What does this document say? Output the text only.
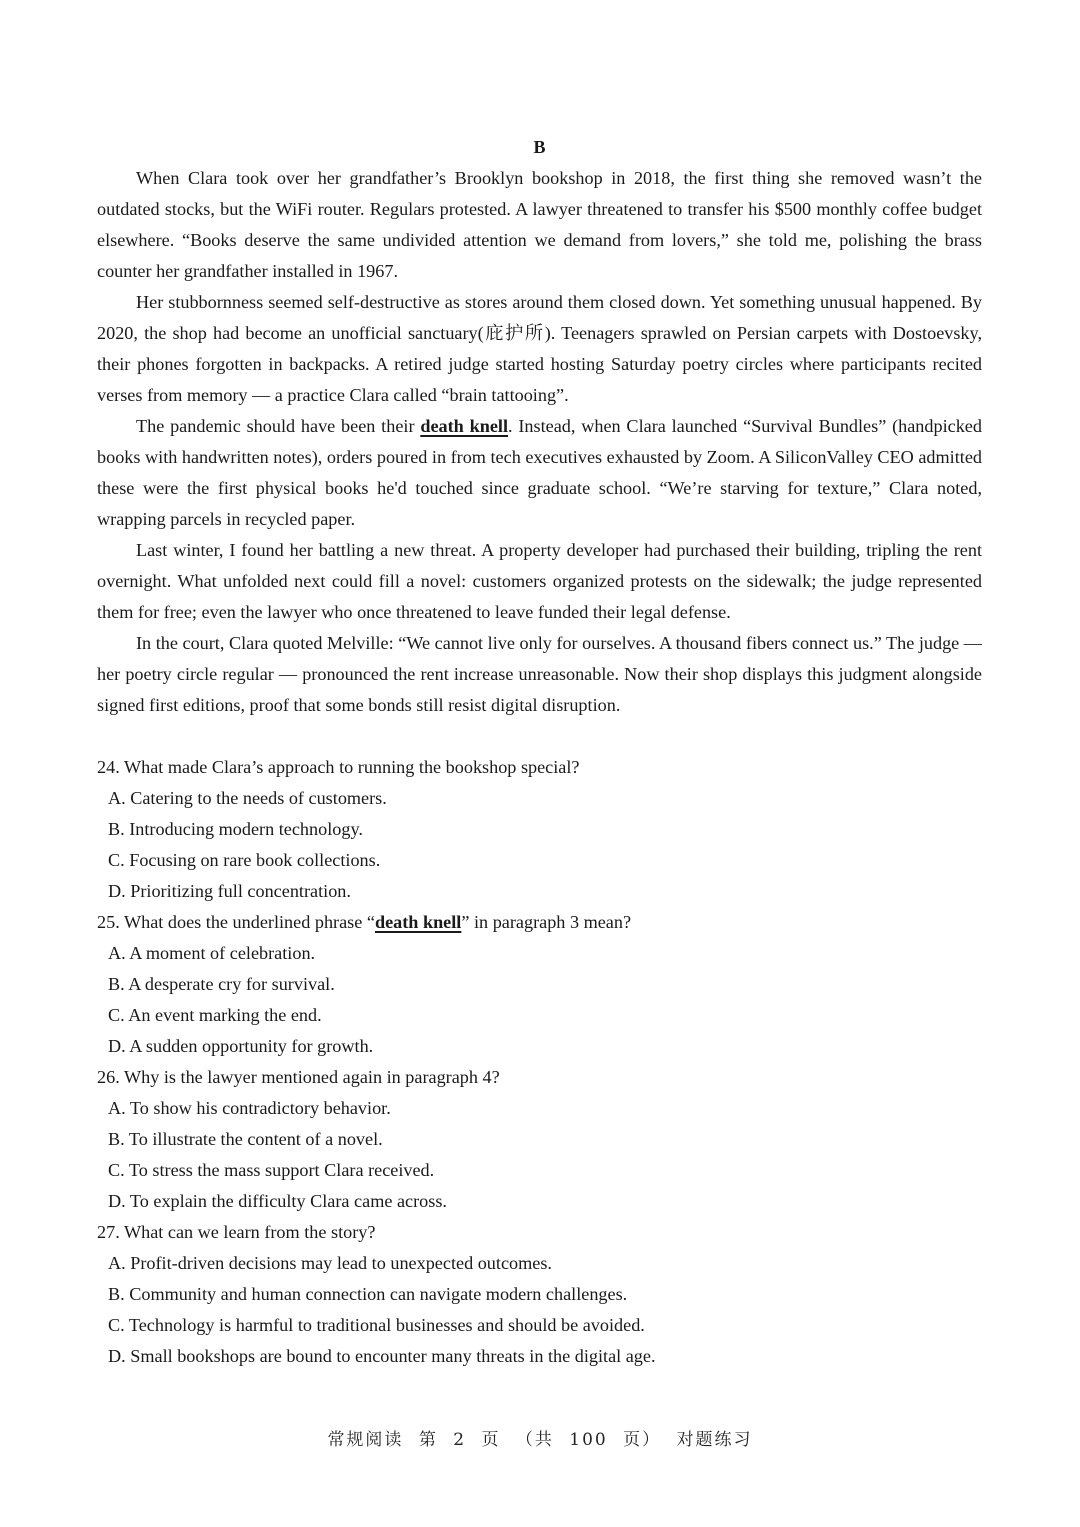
B

When Clara took over her grandfather’s Brooklyn bookshop in 2018, the first thing she removed wasn’t the outdated stocks, but the WiFi router. Regulars protested. A lawyer threatened to transfer his $500 monthly coffee budget elsewhere. “Books deserve the same undivided attention we demand from lovers,” she told me, polishing the brass counter her grandfather installed in 1967.

Her stubbornness seemed self-destructive as stores around them closed down. Yet something unusual happened. By 2020, the shop had become an unofficial sanctuary(庇护所). Teenagers sprawled on Persian carpets with Dostoevsky, their phones forgotten in backpacks. A retired judge started hosting Saturday poetry circles where participants recited verses from memory — a practice Clara called “brain tattooing”.

The pandemic should have been their death knell. Instead, when Clara launched “Survival Bundles” (handpicked books with handwritten notes), orders poured in from tech executives exhausted by Zoom. A SiliconValley CEO admitted these were the first physical books he'd touched since graduate school. “We’re starving for texture,” Clara noted, wrapping parcels in recycled paper.

Last winter, I found her battling a new threat. A property developer had purchased their building, tripling the rent overnight. What unfolded next could fill a novel: customers organized protests on the sidewalk; the judge represented them for free; even the lawyer who once threatened to leave funded their legal defense.

In the court, Clara quoted Melville: “We cannot live only for ourselves. A thousand fibers connect us.” The judge — her poetry circle regular — pronounced the rent increase unreasonable. Now their shop displays this judgment alongside signed first editions, proof that some bonds still resist digital disruption.

24. What made Clara’s approach to running the bookshop special?

A. Catering to the needs of customers.

B. Introducing modern technology.

C. Focusing on rare book collections.

D. Prioritizing full concentration.

25. What does the underlined phrase “death knell” in paragraph 3 mean?

A. A moment of celebration.

B. A desperate cry for survival.

C. An event marking the end.

D. A sudden opportunity for growth.

26. Why is the lawyer mentioned again in paragraph 4?

A. To show his contradictory behavior.

B. To illustrate the content of a novel.

C. To stress the mass support Clara received.

D. To explain the difficulty Clara came across.

27. What can we learn from the story?

A. Profit-driven decisions may lead to unexpected outcomes.

B. Community and human connection can navigate modern challenges.

C. Technology is harmful to traditional businesses and should be avoided.

D. Small bookshops are bound to encounter many threats in the digital age.

常规阅读 第 2 页 （共 100 页） 对题练习
